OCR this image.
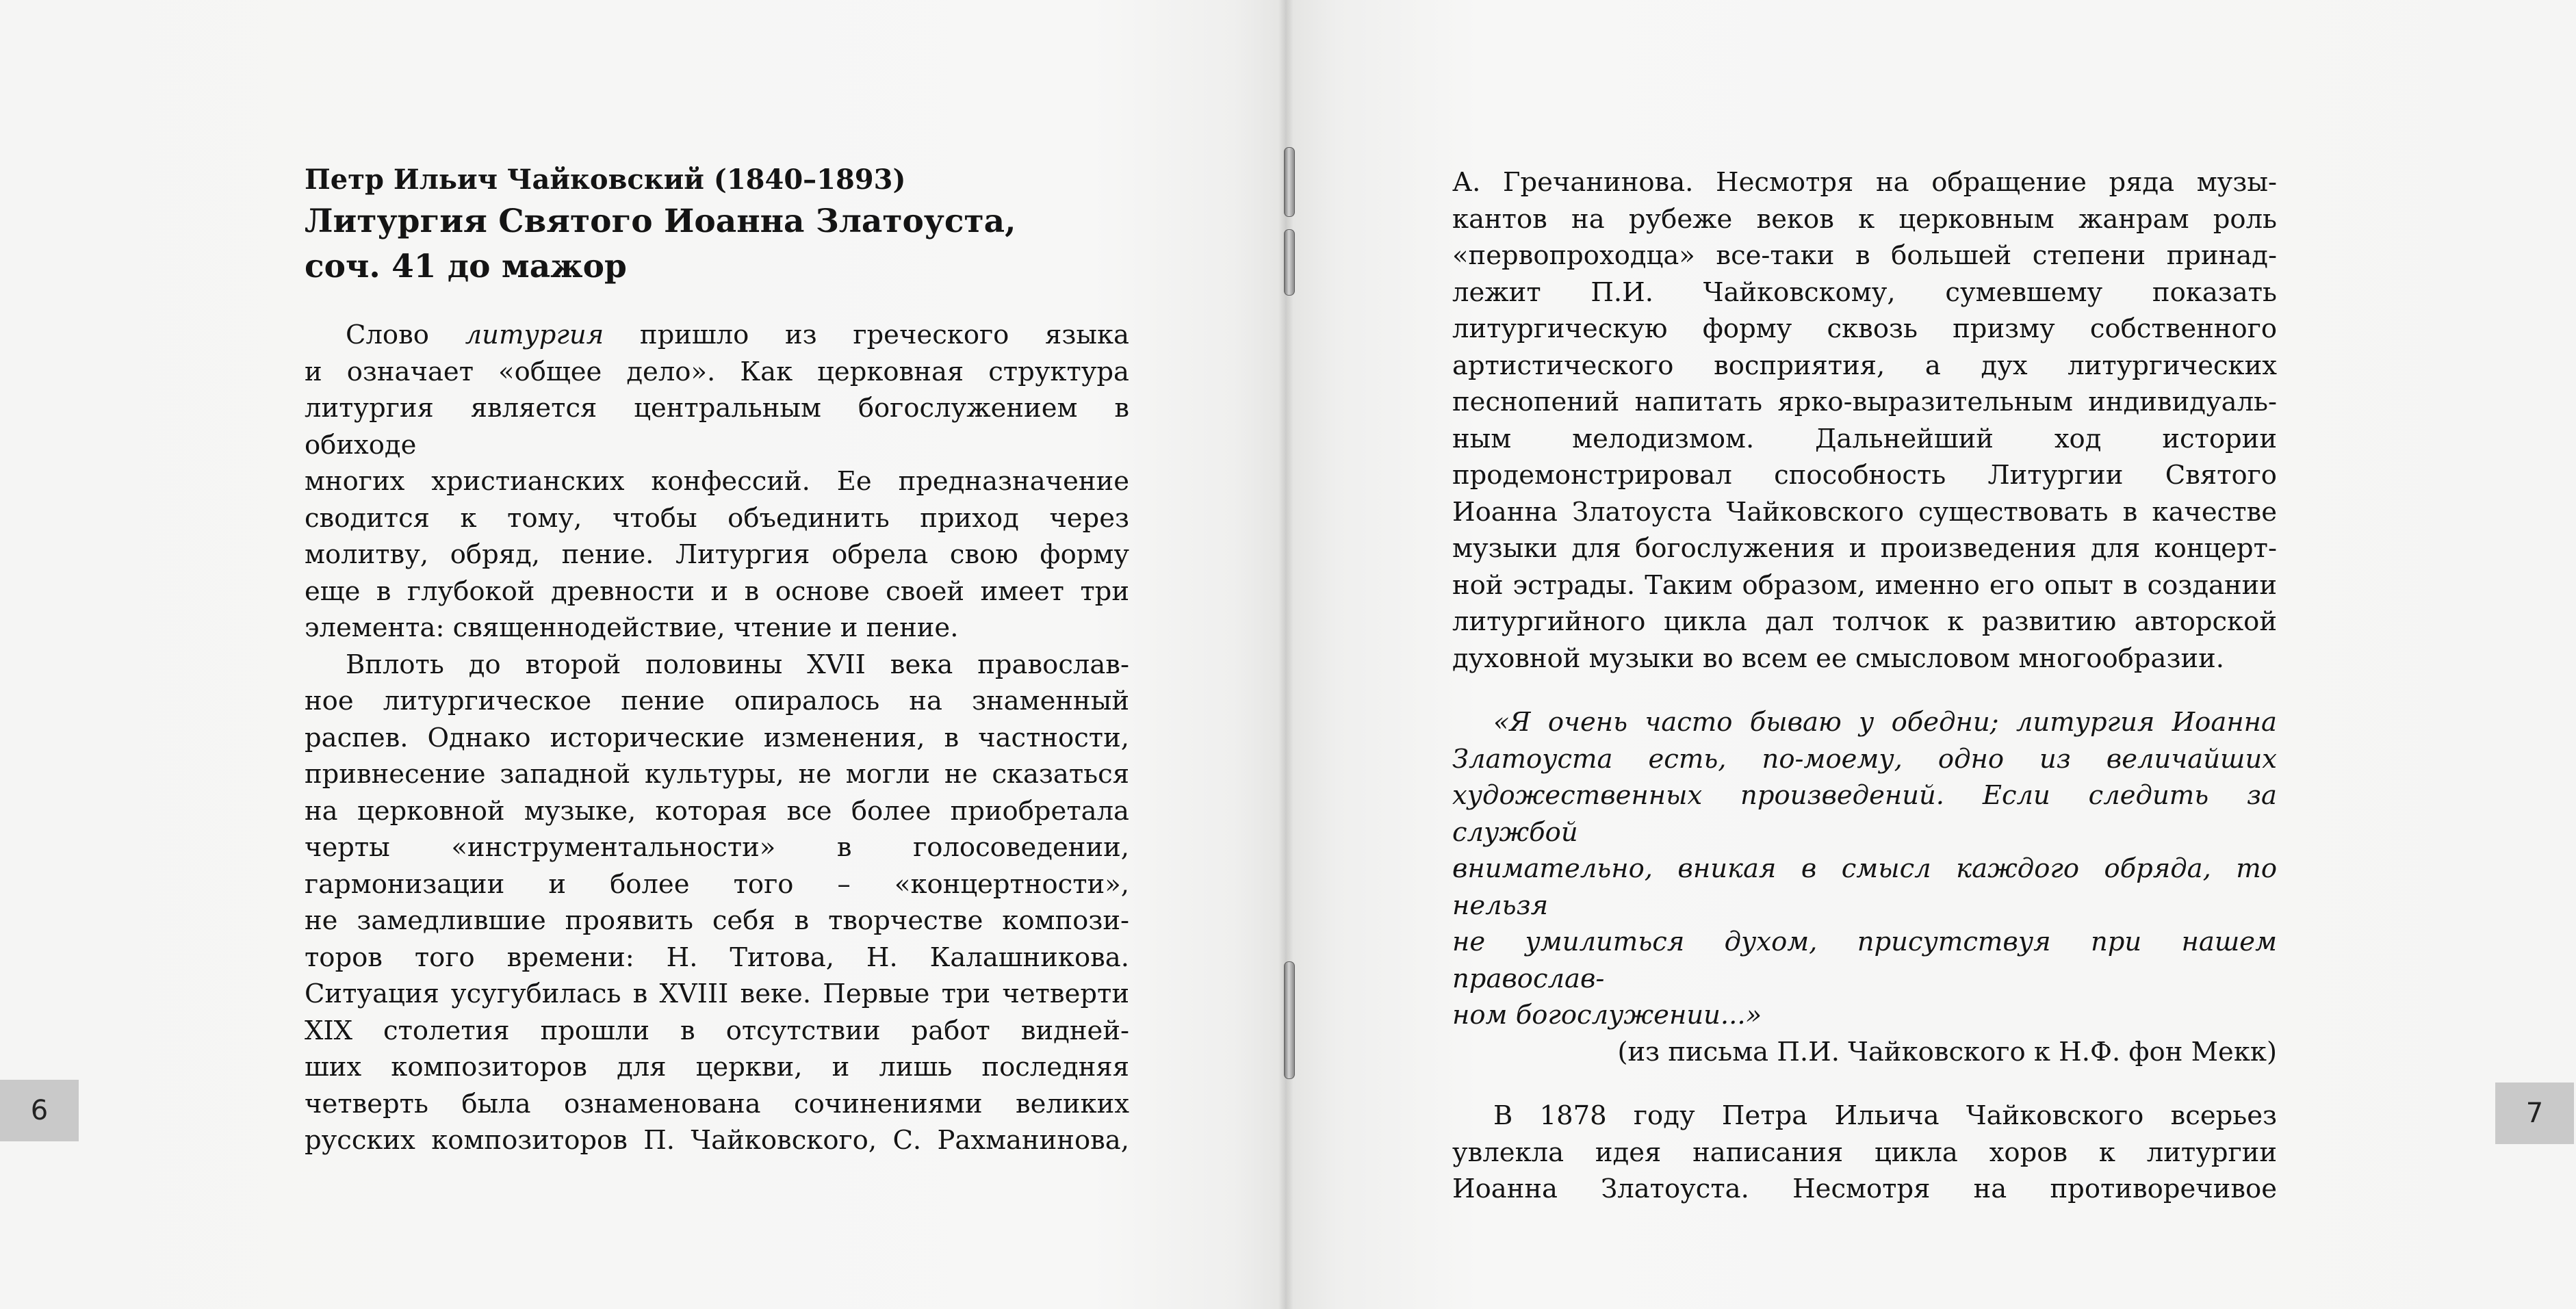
6	7

Петр Ильич Чайковский (1840–1893)

Литургия Святого Иоанна Златоуста,

соч. 41 до мажор

Слово литургия пришло из греческого языка
и означает «общее дело». Как церковная структура
литургия является центральным богослужением в обиходе
многих христианских конфессий. Ее предназначение
сводится к тому, чтобы объединить приход через
молитву, обряд, пение. Литургия обрела свою форму
еще в глубокой древности и в основе своей имеет три
элемента: священнодействие, чтение и пение.
Вплоть до второй половины XVII века православ-
ное литургическое пение опиралось на знаменный
распев. Однако исторические изменения, в частности,
привнесение западной культуры, не могли не сказаться
на церковной музыке, которая все более приобретала
черты «инструментальности» в голосоведении,
гармонизации и более того – «концертности»,
не замедлившие проявить себя в творчестве компози-
торов того времени: Н. Титова, Н. Калашникова.
Ситуация усугубилась в XVIII веке. Первые три четверти
XIX столетия прошли в отсутствии работ видней-
ших композиторов для церкви, и лишь последняя
четверть была ознаменована сочинениями великих
русских композиторов П. Чайковского, С. Рахманинова,
А. Гречанинова. Несмотря на обращение ряда музы-
кантов на рубеже веков к церковным жанрам роль
«первопроходца» все-таки в большей степени принад-
лежит П.И. Чайковскому, сумевшему показать
литургическую форму сквозь призму собственного
артистического восприятия, а дух литургических
песнопений напитать ярко-выразительным индивидуаль-
ным мелодизмом. Дальнейший ход истории
продемонстрировал способность Литургии Святого
Иоанна Златоуста Чайковского существовать в качестве
музыки для богослужения и произведения для концерт-
ной эстрады. Таким образом, именно его опыт в создании
литургийного цикла дал толчок к развитию авторской
духовной музыки во всем ее смысловом многообразии.
«Я очень часто бываю у обедни; литургия Иоанна
Златоуста есть, по-моему, одно из величайших
художественных произведений. Если следить за службой
внимательно, вникая в смысл каждого обряда, то нельзя
не умилиться духом, присутствуя при нашем православ-
ном богослужении...»
(из письма П.И. Чайковского к Н.Ф. фон Мекк)
В 1878 году Петра Ильича Чайковского всерьез
увлекла идея написания цикла хоров к литургии
Иоанна Златоуста. Несмотря на противоречивое
